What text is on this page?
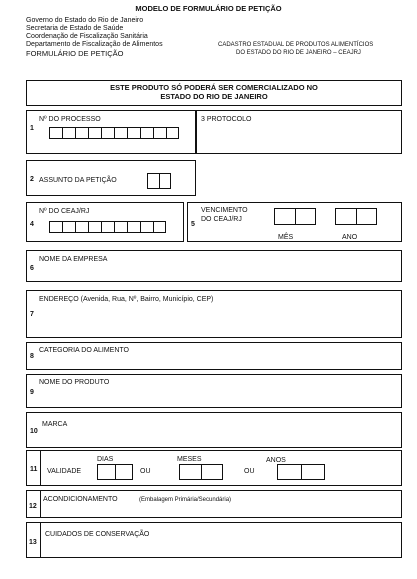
MODELO DE FORMULÁRIO DE PETIÇÃO
Governo do Estado do Rio de Janeiro
Secretaria de Estado de Saúde
Coordenação de Fiscalização Sanitária
Departamento de Fiscalização de Alimentos
FORMULÁRIO DE PETIÇÃO
CADASTRO ESTADUAL DE PRODUTOS ALIMENTÍCIOS
DO ESTADO DO RIO DE JANEIRO – CEAJRJ
ESTE PRODUTO SÓ PODERÁ SER COMERCIALIZADO NO
ESTADO DO RIO DE JANEIRO
1
Nº DO PROCESSO	3 PROTOCOLO
2 ASSUNTO DA PETIÇÃO
4
Nº DO CEAJ/RJ
5
VENCIMENTO
DO CEAJ/RJ
MÊS	ANO
6
NOME DA EMPRESA
7
ENDEREÇO (Avenida, Rua, Nº, Bairro, Município, CEP)
8
CATEGORIA DO ALIMENTO
9
NOME DO PRODUTO
10
MARCA
11 VALIDADE
DIAS
OU
MESES
OU
ANOS
12
ACONDICIONAMENTO	(Embalagem Primária/Secundária)
13
CUIDADOS DE CONSERVAÇÃO
